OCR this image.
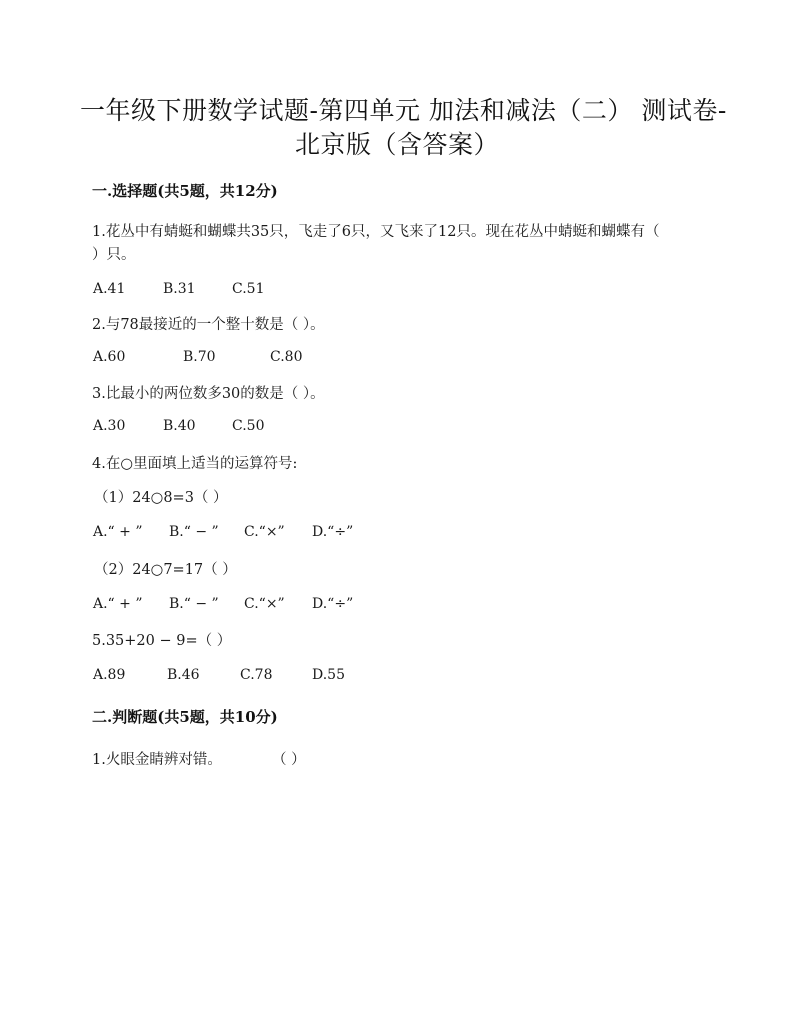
一年级下册数学试题-第四单元 加法和减法（二） 测试卷-
北京版（含答案）
一.选择题(共5题，共12分)
1.花丛中有蜻蜓和蝴蝶共35只，飞走了6只，又飞来了12只。现在花丛中蜻蜓和蝴蝶有（
）只。
A.41	B.31	C.51
2.与78最接近的一个整十数是（ ）。
A.60	B.70	C.80
3.比最小的两位数多30的数是（ ）。
A.30	B.40	C.50
4.在○里面填上适当的运算符号:
（1）24○8=3（ ）
A.“ + ” B.“ − ” C.“×” D.“÷”
（2）24○7=17（ ）
A.“ + ” B.“ − ” C.“×” D.“÷”
5.35+20 − 9=（ ）
A.89	B.46	C.78	D.55
二.判断题(共5题，共10分)
1.火眼金睛辨对错。	（ ）
